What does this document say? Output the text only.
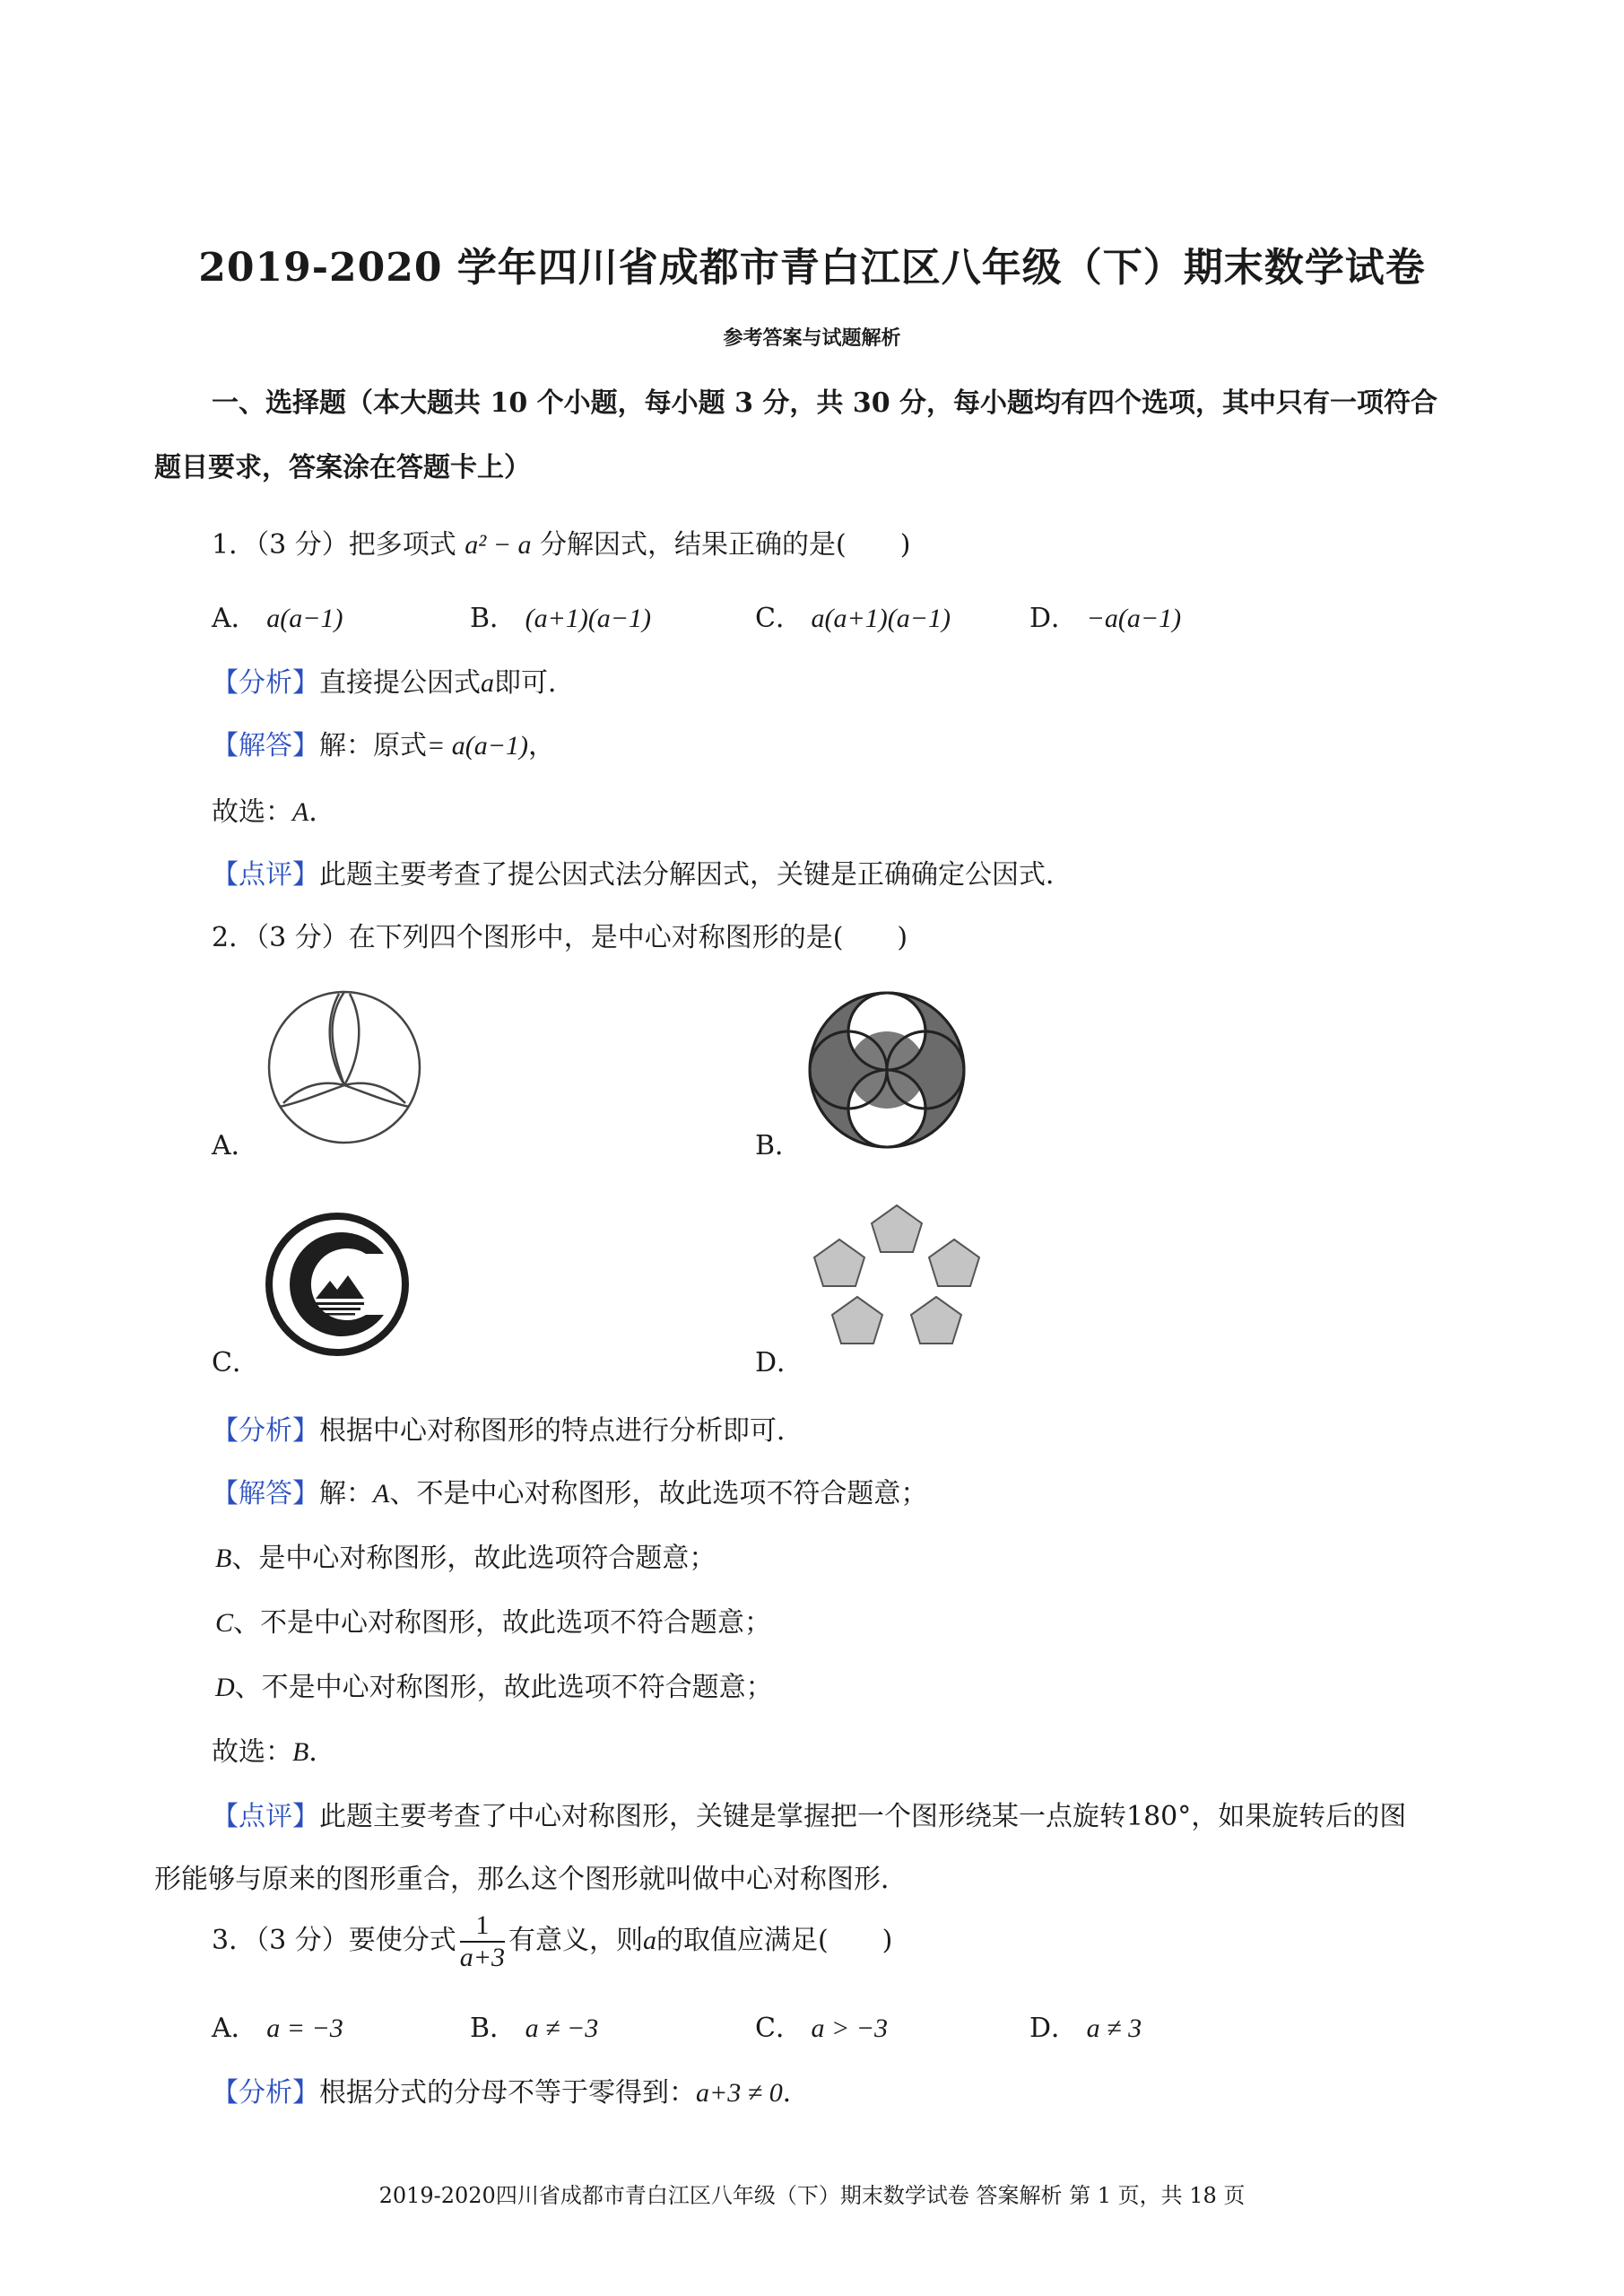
2019-2020 学年四川省成都市青白江区八年级（下）期末数学试卷
参考答案与试题解析
一、选择题（本大题共 10 个小题，每小题 3 分，共 30 分，每小题均有四个选项，其中只有一项符合
题目要求，答案涂在答题卡上）
1．（3 分）把多项式 a² − a 分解因式，结果正确的是(　　)
A． a(a−1)	B． (a+1)(a−1)	C． a(a+1)(a−1)	D． −a(a−1)
【分析】直接提公因式a即可．
【解答】解：原式= a(a−1)，
故选：A．
【点评】此题主要考查了提公因式法分解因式，关键是正确确定公因式．
2．（3 分）在下列四个图形中，是中心对称图形的是(　　)
A．	B．
C．	D．
【分析】根据中心对称图形的特点进行分析即可．
【解答】解：A、不是中心对称图形，故此选项不符合题意；
B、是中心对称图形，故此选项符合题意；
C、不是中心对称图形，故此选项不符合题意；
D、不是中心对称图形，故此选项不符合题意；
故选：B．
【点评】此题主要考查了中心对称图形，关键是掌握把一个图形绕某一点旋转180°，如果旋转后的图
形能够与原来的图形重合，那么这个图形就叫做中心对称图形．
3．（3 分）要使分式 $\frac{1}{a+3}$ 有意义，则a的取值应满足(　　)
A． a = −3	B． a ≠ −3	C． a > −3	D． a ≠ 3
【分析】根据分式的分母不等于零得到：a+3 ≠ 0．
2019-2020四川省成都市青白江区八年级（下）期末数学试卷 答案解析 第 1 页，共 18 页
